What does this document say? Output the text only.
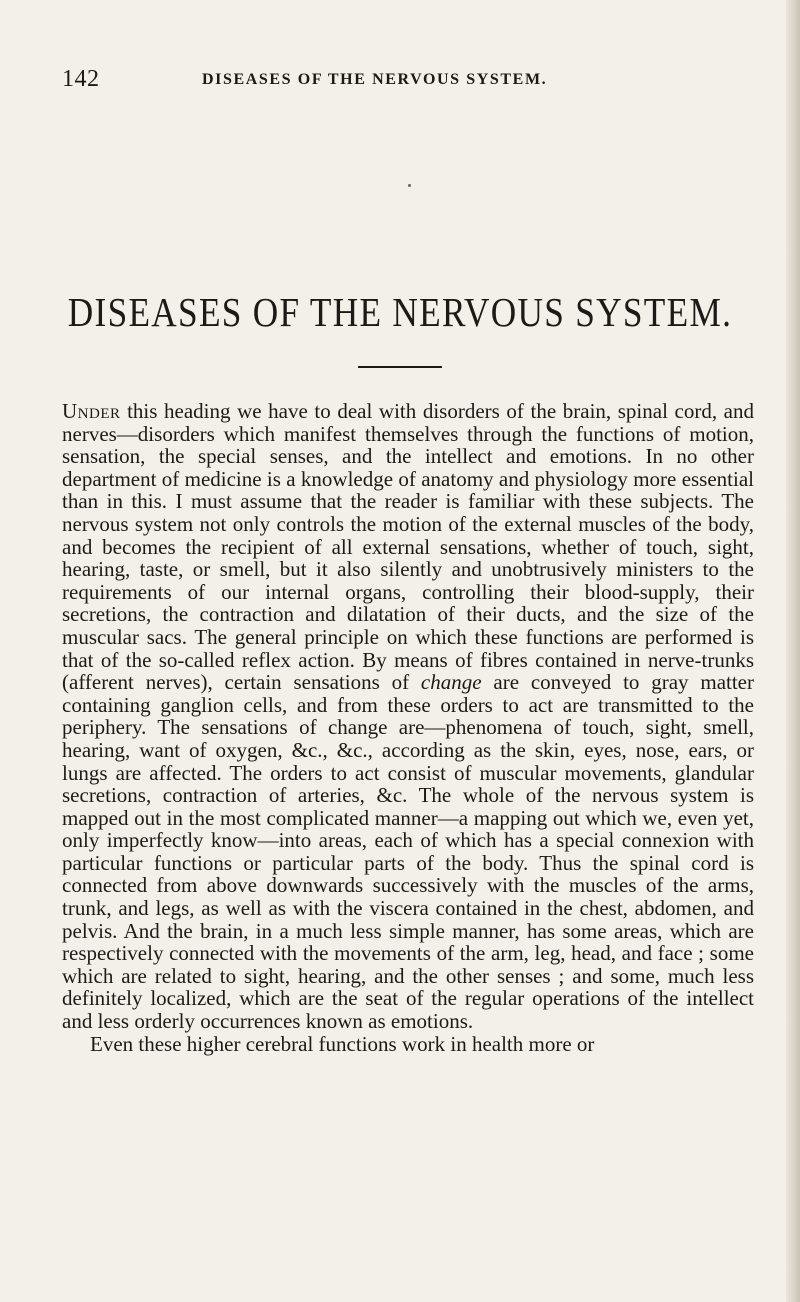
142	DISEASES OF THE NERVOUS SYSTEM.
DISEASES OF THE NERVOUS SYSTEM.

Under this heading we have to deal with disorders of the brain, spinal cord, and nerves—disorders which manifest themselves through the functions of motion, sensation, the special senses, and the intellect and emotions. In no other department of medicine is a knowledge of anatomy and physiology more essential than in this. I must assume that the reader is familiar with these subjects. The nervous system not only controls the motion of the external muscles of the body, and becomes the recipient of all external sensations, whether of touch, sight, hearing, taste, or smell, but it also silently and unobtrusively ministers to the requirements of our internal organs, controlling their blood-supply, their secretions, the contraction and dilatation of their ducts, and the size of the muscular sacs. The general principle on which these functions are performed is that of the so-called reflex action. By means of fibres contained in nerve-trunks (afferent nerves), certain sensations of change are conveyed to gray matter containing ganglion cells, and from these orders to act are transmitted to the periphery. The sensations of change are—phenomena of touch, sight, smell, hearing, want of oxygen, &c., &c., according as the skin, eyes, nose, ears, or lungs are affected. The orders to act consist of muscular movements, glandular secretions, contraction of arteries, &c. The whole of the nervous system is mapped out in the most complicated manner—a mapping out which we, even yet, only imperfectly know—into areas, each of which has a special connexion with particular functions or particular parts of the body. Thus the spinal cord is connected from above downwards successively with the muscles of the arms, trunk, and legs, as well as with the viscera contained in the chest, abdomen, and pelvis. And the brain, in a much less simple manner, has some areas, which are respectively connected with the movements of the arm, leg, head, and face ; some which are related to sight, hearing, and the other senses ; and some, much less definitely localized, which are the seat of the regular operations of the intellect and less orderly occurrences known as emotions.

Even these higher cerebral functions work in health more or
